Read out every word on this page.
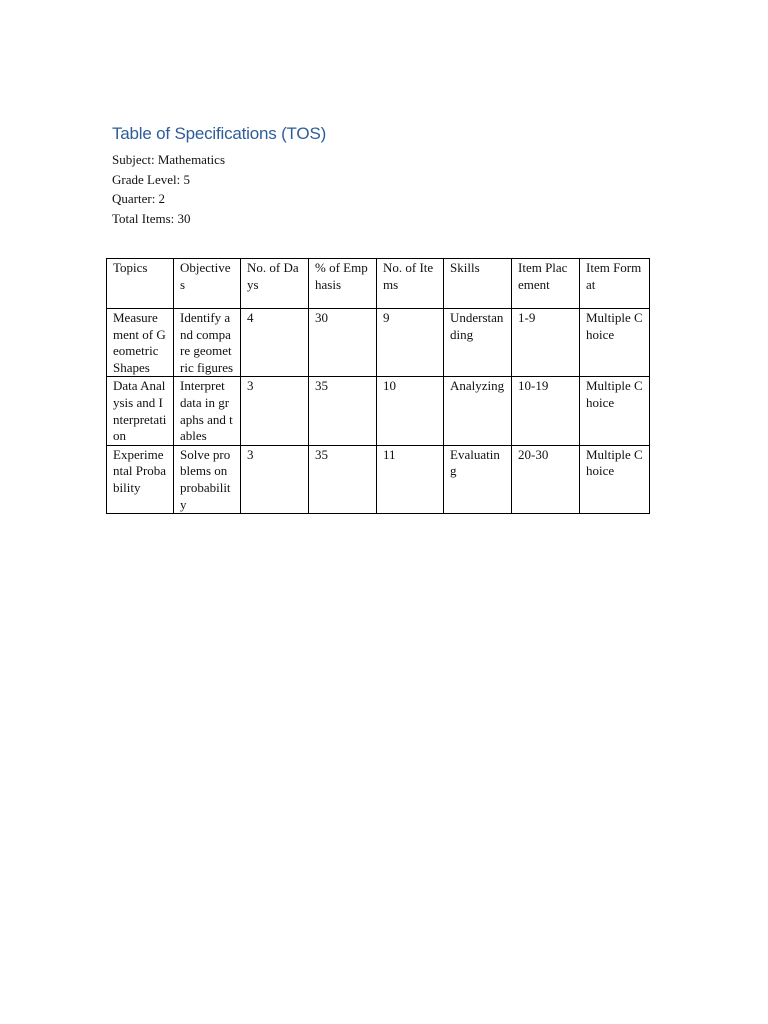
Table of Specifications (TOS)
Subject: Mathematics
Grade Level: 5
Quarter: 2
Total Items: 30
Topics	Objectives	No. of Days	% of Emphasis	No. of Items	Skills	Item Placement	Item Format
Measurement of Geometric Shapes	Identify and compare geometric figures	4	30	9	Understanding	1-9	Multiple Choice
Data Analysis and Interpretation	Interpret data in graphs and tables	3	35	10	Analyzing	10-19	Multiple Choice
Experimental Probability	Solve problems on probability	3	35	11	Evaluating	20-30	Multiple Choice
